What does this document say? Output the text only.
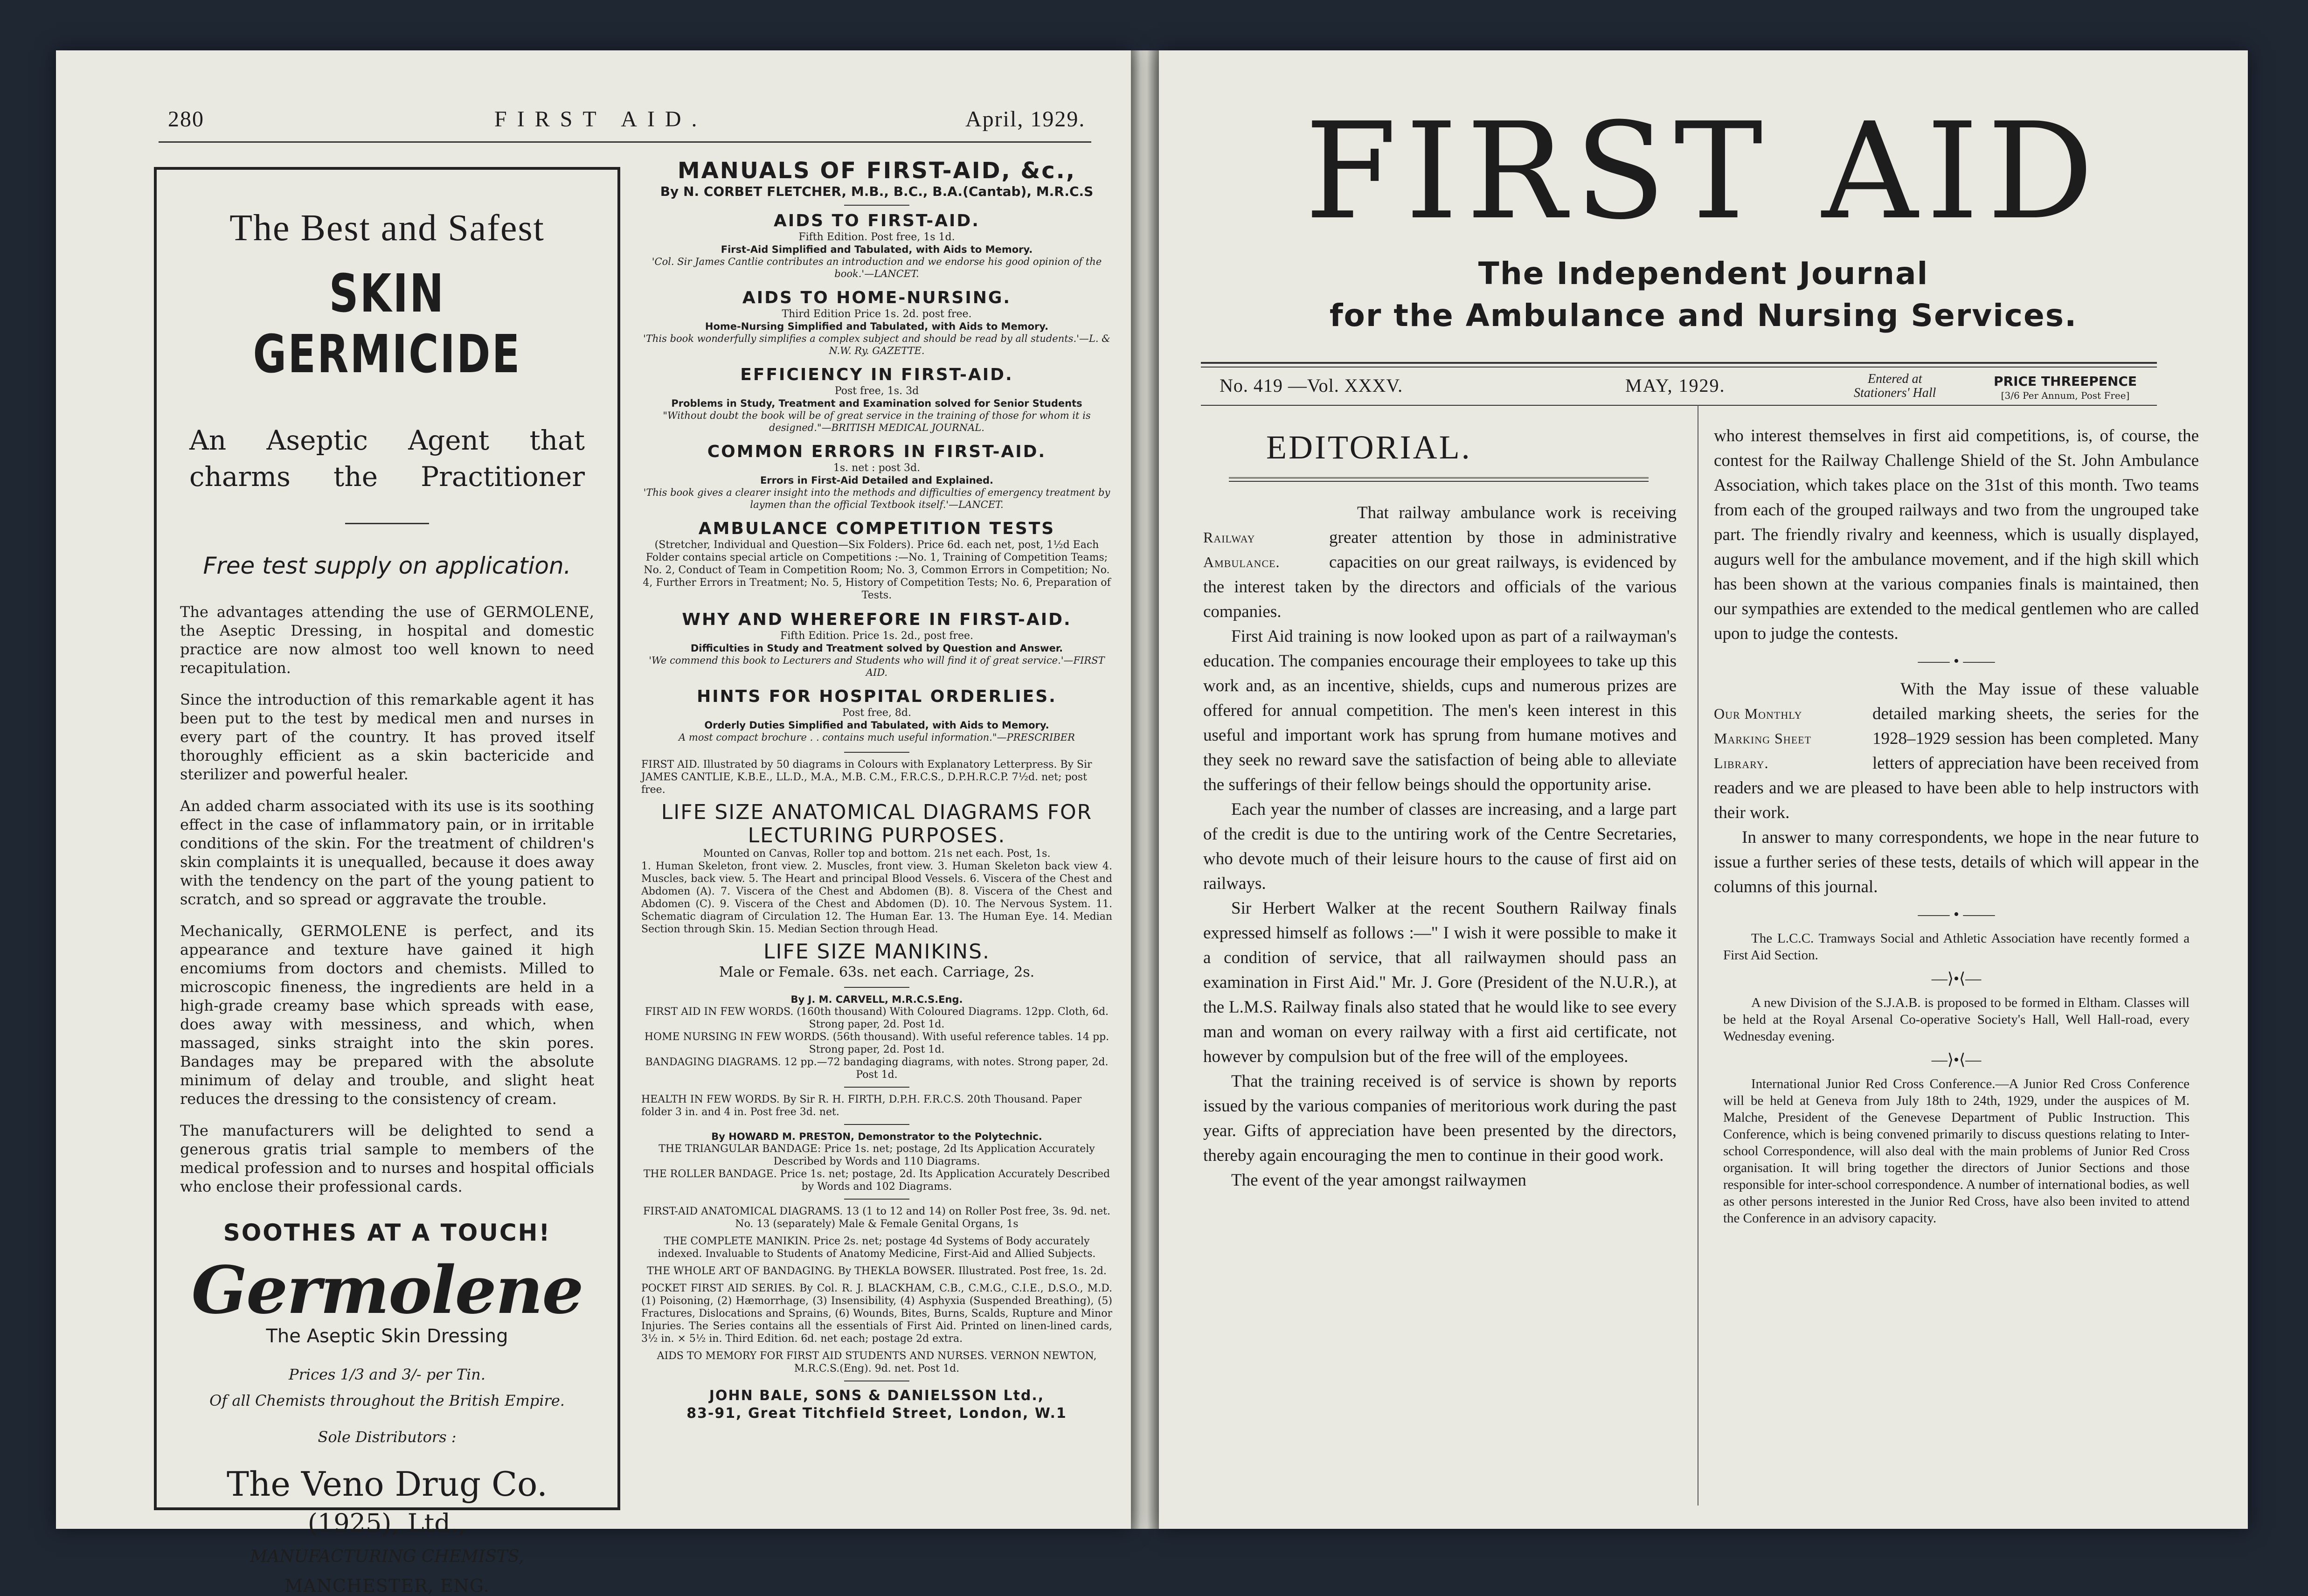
280	FIRST AID.	April, 1929.
The Best and Safest
SKIN GERMICIDE
An Aseptic Agent that
charms the Practitioner
Free test supply on application.

The advantages attending the use of GERMOLENE, the Aseptic Dressing, in hospital and domestic practice are now almost too well known to need recapitulation.

Since the introduction of this remarkable agent it has been put to the test by medical men and nurses in every part of the country. It has proved itself thoroughly efficient as a skin bactericide and sterilizer and powerful healer.

An added charm associated with its use is its soothing effect in the case of inflammatory pain, or in irritable conditions of the skin. For the treatment of children's skin complaints it is unequalled, because it does away with the tendency on the part of the young patient to scratch, and so spread or aggravate the trouble.

Mechanically, GERMOLENE is perfect, and its appearance and texture have gained it high encomiums from doctors and chemists. Milled to microscopic fineness, the ingredients are held in a high-grade creamy base which spreads with ease, does away with messiness, and which, when massaged, sinks straight into the skin pores. Bandages may be prepared with the absolute minimum of delay and trouble, and slight heat reduces the dressing to the consistency of cream.

The manufacturers will be delighted to send a generous gratis trial sample to members of the medical profession and to nurses and hospital officials who enclose their professional cards.

SOOTHES AT A TOUCH!
Germolene
The Aseptic Skin Dressing
Prices 1/3 and 3/- per Tin.
Of all Chemists throughout the British Empire.
Sole Distributors :
The Veno Drug Co.
(1925), Ltd.,
MANUFACTURING CHEMISTS,
MANCHESTER, ENG.
MANUALS OF FIRST-AID, &c.,
By N. CORBET FLETCHER, M.B., B.C., B.A.(Cantab), M.R.C.S
AIDS TO FIRST-AID.
Fifth Edition. Post free, 1s 1d.
First-Aid Simplified and Tabulated, with Aids to Memory.
'Col. Sir James Cantlie contributes an introduction and we endorse his good opinion of the book.'—LANCET.
AIDS TO HOME-NURSING.
Third Edition Price 1s. 2d. post free.
Home-Nursing Simplified and Tabulated, with Aids to Memory.
'This book wonderfully simplifies a complex subject and should be read by all students.'—L. & N.W. Ry. GAZETTE.
EFFICIENCY IN FIRST-AID.
Post free, 1s. 3d
Problems in Study, Treatment and Examination solved for Senior Students
"Without doubt the book will be of great service in the training of those for whom it is designed."—BRITISH MEDICAL JOURNAL.
COMMON ERRORS IN FIRST-AID.
1s. net : post 3d.
Errors in First-Aid Detailed and Explained.
'This book gives a clearer insight into the methods and difficulties of emergency treatment by laymen than the official Textbook itself.'—LANCET.
AMBULANCE COMPETITION TESTS
(Stretcher, Individual and Question—Six Folders). Price 6d. each net, post, 1½d Each Folder contains special article on Competitions :—No. 1, Training of Competition Teams; No. 2, Conduct of Team in Competition Room; No. 3, Common Errors in Competition; No. 4, Further Errors in Treatment; No. 5, History of Competition Tests; No. 6, Preparation of Tests.
WHY AND WHEREFORE IN FIRST-AID.
Fifth Edition. Price 1s. 2d., post free.
Difficulties in Study and Treatment solved by Question and Answer.
'We commend this book to Lecturers and Students who will find it of great service.'—FIRST AID.
HINTS FOR HOSPITAL ORDERLIES.
Post free, 8d.
Orderly Duties Simplified and Tabulated, with Aids to Memory.
A most compact brochure . . contains much useful information."—PRESCRIBER
FIRST AID. Illustrated by 50 diagrams in Colours with Explanatory Letterpress. By Sir JAMES CANTLIE, K.B.E., LL.D., M.A., M.B. C.M., F.R.C.S., D.P.H.R.C.P. 7½d. net; post free.
LIFE SIZE ANATOMICAL DIAGRAMS FOR LECTURING PURPOSES.
Mounted on Canvas, Roller top and bottom. 21s net each. Post, 1s.
1. Human Skeleton, front view. 2. Muscles, front view. 3. Human Skeleton back view 4. Muscles, back view. 5. The Heart and principal Blood Vessels. 6. Viscera of the Chest and Abdomen (A). 7. Viscera of the Chest and Abdomen (B). 8. Viscera of the Chest and Abdomen (C). 9. Viscera of the Chest and Abdomen (D). 10. The Nervous System. 11. Schematic diagram of Circulation 12. The Human Ear. 13. The Human Eye. 14. Median Section through Skin. 15. Median Section through Head.
LIFE SIZE MANIKINS.
Male or Female. 63s. net each. Carriage, 2s.
By J. M. CARVELL, M.R.C.S.Eng.
FIRST AID IN FEW WORDS. (160th thousand) With Coloured Diagrams. 12pp. Cloth, 6d. Strong paper, 2d. Post 1d.
HOME NURSING IN FEW WORDS. (56th thousand). With useful reference tables. 14 pp. Strong paper, 2d. Post 1d.
BANDAGING DIAGRAMS. 12 pp.—72 bandaging diagrams, with notes. Strong paper, 2d. Post 1d.
HEALTH IN FEW WORDS. By Sir R. H. FIRTH, D.P.H. F.R.C.S. 20th Thousand. Paper folder 3 in. and 4 in. Post free 3d. net.
By HOWARD M. PRESTON, Demonstrator to the Polytechnic.
THE TRIANGULAR BANDAGE: Price 1s. net; postage, 2d Its Application Accurately Described by Words and 110 Diagrams.
THE ROLLER BANDAGE. Price 1s. net; postage, 2d. Its Application Accurately Described by Words and 102 Diagrams.
FIRST-AID ANATOMICAL DIAGRAMS. 13 (1 to 12 and 14) on Roller Post free, 3s. 9d. net. No. 13 (separately) Male & Female Genital Organs, 1s
THE COMPLETE MANIKIN. Price 2s. net; postage 4d Systems of Body accurately indexed. Invaluable to Students of Anatomy Medicine, First-Aid and Allied Subjects.
THE WHOLE ART OF BANDAGING. By THEKLA BOWSER. Illustrated. Post free, 1s. 2d.
POCKET FIRST AID SERIES. By Col. R. J. BLACKHAM, C.B., C.M.G., C.I.E., D.S.O., M.D. (1) Poisoning, (2) Hæmorrhage, (3) Insensibility, (4) Asphyxia (Suspended Breathing), (5) Fractures, Dislocations and Sprains, (6) Wounds, Bites, Burns, Scalds, Rupture and Minor Injuries. The Series contains all the essentials of First Aid. Printed on linen-lined cards, 3½ in. × 5½ in. Third Edition. 6d. net each; postage 2d extra.
AIDS TO MEMORY FOR FIRST AID STUDENTS AND NURSES. VERNON NEWTON, M.R.C.S.(Eng). 9d. net. Post 1d.
JOHN BALE, SONS & DANIELSSON Ltd.,
83-91, Great Titchfield Street, London, W.1
FIRST AID
The Independent Journal
for the Ambulance and Nursing Services.
No. 419 —Vol. XXXV.	MAY, 1929.	Entered at
Stationers' Hall
PRICE THREEPENCE
[3/6 Per Annum, Post Free]
EDITORIAL.
Railway
Ambulance.

That railway ambulance work is receiving greater attention by those in administrative capacities on our great railways, is evidenced by the interest taken by the directors and officials of the various companies.

First Aid training is now looked upon as part of a railwayman's education. The companies encourage their employees to take up this work and, as an incentive, shields, cups and numerous prizes are offered for annual competition. The men's keen interest in this useful and important work has sprung from humane motives and they seek no reward save the satisfaction of being able to alleviate the sufferings of their fellow beings should the opportunity arise.

Each year the number of classes are increasing, and a large part of the credit is due to the untiring work of the Centre Secretaries, who devote much of their leisure hours to the cause of first aid on railways.

Sir Herbert Walker at the recent Southern Railway finals expressed himself as follows :—" I wish it were possible to make it a condition of service, that all railwaymen should pass an examination in First Aid." Mr. J. Gore (President of the N.U.R.), at the L.M.S. Railway finals also stated that he would like to see every man and woman on every railway with a first aid certificate, not however by compulsion but of the free will of the employees.

That the training received is of service is shown by reports issued by the various companies of meritorious work during the past year. Gifts of appreciation have been presented by the directors, thereby again encouraging the men to continue in their good work.

The event of the year amongst railwaymen

who interest themselves in first aid competitions, is, of course, the contest for the Railway Challenge Shield of the St. John Ambulance Association, which takes place on the 31st of this month. Two teams from each of the grouped railways and two from the ungrouped take part. The friendly rivalry and keenness, which is usually displayed, augurs well for the ambulance movement, and if the high skill which has been shown at the various companies finals is maintained, then our sympathies are extended to the medical gentlemen who are called upon to judge the contests.

—— • ——
Our Monthly
Marking Sheet
Library.

With the May issue of these valuable detailed marking sheets, the series for the 1928–1929 session has been completed. Many letters of appreciation have been received from readers and we are pleased to have been able to help instructors with their work.

In answer to many correspondents, we hope in the near future to issue a further series of these tests, details of which will appear in the columns of this journal.

—— • ——

The L.C.C. Tramways Social and Athletic Association have recently formed a First Aid Section.

—⟩•⟨—

A new Division of the S.J.A.B. is proposed to be formed in Eltham. Classes will be held at the Royal Arsenal Co-operative Society's Hall, Well Hall-road, every Wednesday evening.

—⟩•⟨—

International Junior Red Cross Conference.—A Junior Red Cross Conference will be held at Geneva from July 18th to 24th, 1929, under the auspices of M. Malche, President of the Genevese Department of Public Instruction. This Conference, which is being convened primarily to discuss questions relating to Inter-school Correspondence, will also deal with the main problems of Junior Red Cross organisation. It will bring together the directors of Junior Sections and those responsible for inter-school correspondence. A number of international bodies, as well as other persons interested in the Junior Red Cross, have also been invited to attend the Conference in an advisory capacity.
